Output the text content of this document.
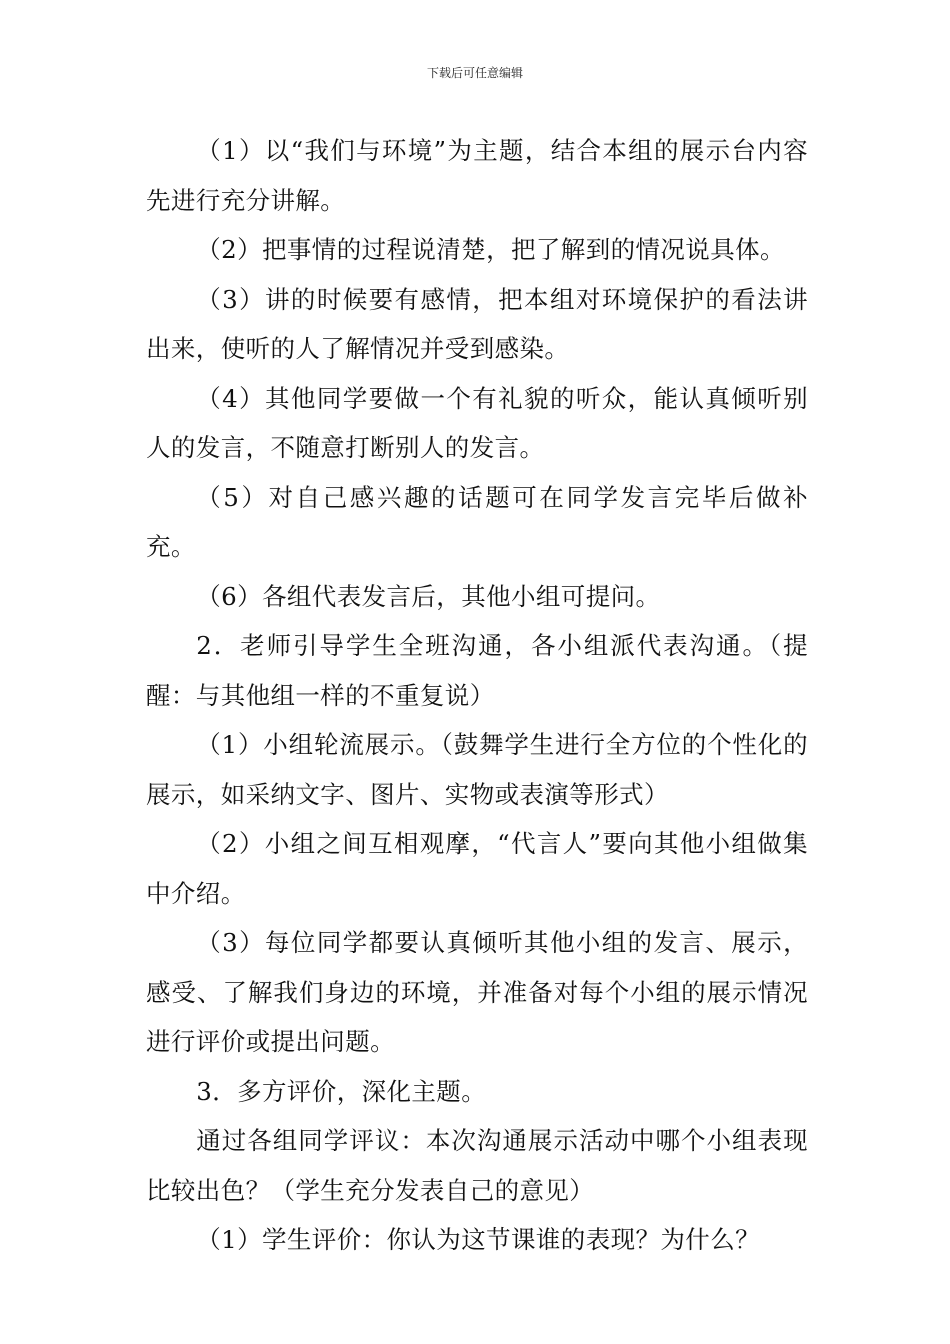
下载后可任意编辑

（1）以“我们与环境”为主题，结合本组的展示台内容先进行充分讲解。

（2）把事情的过程说清楚，把了解到的情况说具体。

（3）讲的时候要有感情，把本组对环境保护的看法讲出来，使听的人了解情况并受到感染。

（4）其他同学要做一个有礼貌的听众，能认真倾听别人的发言，不随意打断别人的发言。

（5）对自己感兴趣的话题可在同学发言完毕后做补充。

（6）各组代表发言后，其他小组可提问。

2．老师引导学生全班沟通，各小组派代表沟通。（提醒：与其他组一样的不重复说）

（1）小组轮流展示。（鼓舞学生进行全方位的个性化的展示，如采纳文字、图片、实物或表演等形式）

（2）小组之间互相观摩，“代言人”要向其他小组做集中介绍。

（3）每位同学都要认真倾听其他小组的发言、展示，感受、了解我们身边的环境，并准备对每个小组的展示情况进行评价或提出问题。

3．多方评价，深化主题。

通过各组同学评议：本次沟通展示活动中哪个小组表现比较出色？（学生充分发表自己的意见）

（1）学生评价：你认为这节课谁的表现？为什么？
